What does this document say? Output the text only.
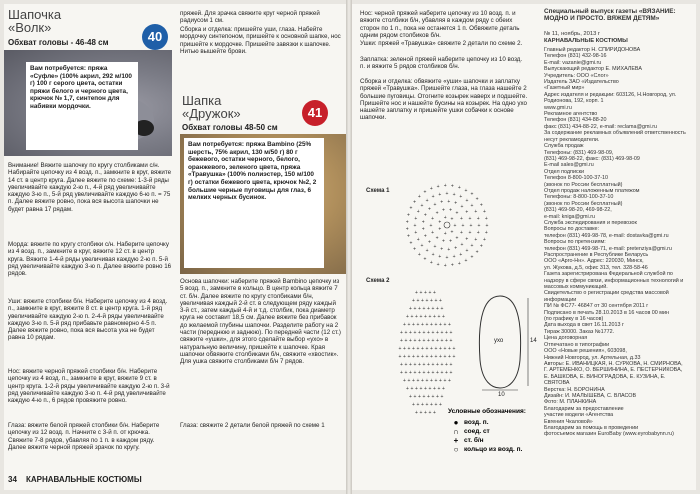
Шапочка
«Волк»
Обхват головы - 46-48 см	40
Вам потребуется: пряжа «Суфле» (100% акрил, 292 м/100 г) 100 г серого цвета, остатки пряжи белого и черного цвета, крючок № 1,7, синтепон для набивки мордочки.
Внимание! Вяжите шапочку по кругу столбиками с/н. Набирайте цепочку из 4 возд. п., замкните в круг, вяжите 14 ст. в центр круга. Далее вяжите по схеме: 1-3-й ряды увеличивайте каждую 2-ю п., 4-й ряд увеличивайте каждую 3-ю п., 5-й ряд увеличивайте каждую 6-ю п. = 75 п. Далее вяжите ровно, пока вся высота шапочки не будет равна 17 рядам.
Морда: вяжите по кругу столбики с/н. Наберите цепочку из 4 возд. п., замкните в круг, вяжите 12 ст. в центр круга. Вяжите 1-4-й ряды увеличивая каждую 2-ю п. 5-й ряд увеличивайте каждую 3-ю п. Далее вяжите ровно 16 рядов.
Уши: вяжите столбики б/н. Наберите цепочку из 4 возд. п., замкните в круг, вяжите 8 ст. в центр круга. 1-й ряд увеличивайте каждую 2-ю п. 2-4-й ряды увеличивайте каждую 3-ю п. 5-й ряд прибавьте равномерно 4-5 п. Далее вяжите ровно, пока вся высота уха не будет равна 10 рядам.
Нос: вяжите черной пряжей столбики б/н. Наберите цепочку из 4 возд. п., замкните в круг, вяжите 9 ст. в центр круга. 1-2-й ряды увеличивайте каждую 2-ю п. 3-й ряд увеличивайте каждую 3-ю п. 4-й ряд увеличивайте каждую 4-ю п., 6 рядов провяжите ровно.
Глаза: вяжите белой пряжей столбики б/н. Наберите цепочку из 12 возд. п. Начните с 3-й п. от крючка. Свяжите 7-8 рядов, убавляя по 1 п. в каждом ряду. Далее вяжите черной пряжей зрачок по кругу.
пряжей. Для зрачка свяжите круг черной пряжей радиусом 1 см.
Сборка и отделка: пришейте уши, глаза. Набейте мордочку синтепоном, пришейте к основной шапке, нос пришейте к мордочке. Пришейте завязки к шапочке. Нитью вышейте брови.
Шапка
«Дружок»
Обхват головы 48-50 см
41
Вам потребуется: пряжа Bambino (25% шерсть, 75% акрил, 130 м/50 г) 80 г бежевого, остатки черного, белого, оранжевого, зеленого цвета, пряжа «Травушка» (100% полиэстер, 150 м/100 г) остатки бежевого цвета, крючок №2, 2 большие черные пуговицы для глаз, 6 мелких черных бусинок.
Основа шапочки: наберите пряжей Bambino цепочку из 5 возд. п., замкните в кольцо. В центр кольца вяжите 7 ст. б/н. Далее вяжите по кругу столбиками б/н, увеличивая каждый 2-й ст. в следующем ряду каждый 3-й ст., затем каждый 4-й и т.д. столбик, пока диаметр круга не составит 18,5 см. Далее вяжите без прибавок до желаемой глубины шапочки. Разделите работу на 2 части (переднюю и заднюю). По передней части (12 ст.) свяжите «ушки», для этого сделайте выбор «ухо» в натуральную величину, пришейте к шапочке. Края шапочки обвяжите столбиками б/н, свяжите «хвостик». Для ушка свяжите столбиками б/н 7 рядов.
Глаза: свяжите 2 детали белой пряжей по схеме 1
34 КАРНАВАЛЬНЫЕ КОСТЮМЫ
Нос: черной пряжей наберите цепочку из 10 возд. п. и вяжите столбики б/н, убавляя в каждом ряду с обеих сторон по 1 п., пока не останется 1 п. Обвяжите деталь одним рядом столбиков б/н.
Ушки: пряжей «Травушка» свяжите 2 детали по схеме 2.
Заплатка: зеленой пряжей наберите цепочку из 10 возд. п. и вяжите 5 рядов столбиков б/н.
Сборка и отделка: обвяжите «уши» шапочки и заплатку пряжей «Травушка». Пришейте глаза, на глаза нашейте 2 большие пуговицы. Отогните козырек наверх и подшейте. Пришейте нос и нашейте бусины на козырек. На одно ухо нашейте заплатку и пришейте ушки собачки к основе шапочки.
Схема 1
+
+
+
+
+
+ +
+
+
+
+
+
+
+
+
+
+
+ +
+
+
+
+
+
+
+
+
+
+
+
+
+
+
+
+
+ + + +
+
+
+
+
+
+
+
+
+
+
+
+
+
+
+
+
+
+
+
+
+
+
+ + + + +
+
+
+
+
+
+
+
+
+
+
+
+
+
+
+
+
+
+
+
+
+
+
+
+
+
+
+
+
+ + + + + +
+
+
+
+
+
Схема 2
+ + + + +
+ + + + + + +
+ + + + + + + +
+ + + + + + + + +
+ + + + + + + + + + +
+ + + + + + + + + + + +
+ + + + + + + + + + + +
+ + + + + + + + + + + + +
+ + + + + + + + + + + + +
+ + + + + + + + + + + +
+ + + + + + + + + + + +
+ + + + + + + + + + +
+ + + + + + + + +
+ + + + + + + +
+ + + + + + +
+ + + + +
ухо	14
10
Условные обозначения:
● возд. п.
∩ соед. ст
+ ст. б/н
○ кольцо из возд. п.
Специальный выпуск газеты «ВЯЗАНИЕ: МОДНО И ПРОСТО. ВЯЖЕМ ДЕТЯМ»
№ 11, ноябрь, 2013 г
КАРНАВАЛЬНЫЕ КОСТЮМЫ
Главный редактор Н. СПИРИДОНОВА
Телефон (831) 432-98-16
E-mail: vazanie@gmi.ru
Выпускающий редактор Е. МИХАЛЕВА
Учредитель: ООО «Слог»
Издатель ЗАО «Издательство
«Газетный мир»
Адрес издателя и редакции: 603126, Н.Новгород, ул. Родионова, 192, корп. 1
www.gmi.ru
Рекламное агентство
Телефон (831) 434-88-20
факс (831) 434-88-22, e-mail: reclama@gmi.ru
За содержание рекламных объявлений ответственность несут рекламодатели.
Служба продаж
Телефоны: (831) 469-98-09,
(831) 469-98-22, факс: (831) 469-98-09
E-mail sales@gmi.ru
Отдел подписки
Телефон 8-800-100-37-10
(звонок по России бесплатный)
Отдел продаж наложенным платежом
Телефоны: 8-800-100-37-10
(звонок по России бесплатный)
(831) 469-98-20, 469-98-22,
e-mail: kniga@gmi.ru
Служба экспедирования и перевозок
Вопросы по доставке:
телефон (831) 469-98-78, e-mail: dostavka@gmi.ru
Вопросы по претензиям:
телефон (831) 469-98-71, e-mail: pretenziya@gmi.ru
Распространение в Республике Беларусь
ООО «Арго-Нн». Адрес: 220030, Минск,
ул. Жукова, д.5, офис 313, тел. 328-58-46
Газета зарегистрирована Федеральной службой по надзору в сфере связи, информационных технологий и массовых коммуникаций.
Свидетельство о регистрации средства массовой информации
ПИ № ФС77- 46847 от 30 сентября 2011 г
Подписано в печать 28.10.2013 в 16 часов 00 мин
(по графику в 16 часов)
Дата выхода в свет 16.11.2013 г
Тираж 30000. Заказ №1772.
Цена договорная
Отпечатано в типографии
ООО «Новые решения», 603098,
Нижний Новгород, ул. Артельная, д.33
Авторы: Е. ИВАНИЦКАЯ, Н. СУРКОВА, Н. СМИРНОВА,
Г. АРТЕМЕНКО, О. ВЕРШИНИНА, Е. ПЕСТЕРНИКОВА,
Е. БАШКОВА, Е. ВИНОГРАДОВА, Е. КУЗИНА, Е. СВЯТОВА
Верстка: Н. БОРОНИНА
Дизайн: И. МАЛЫШЕВА, С. ВЛАСОВ
Фото: М. ПЛАНКИНА
Благодарим за предоставление
участие модели «Агентства
Евгения Чкаловой»
Благодарим за помощь в проведении
фотосъемок магазин EuroBaby (www.eyrobabynn.ru)
